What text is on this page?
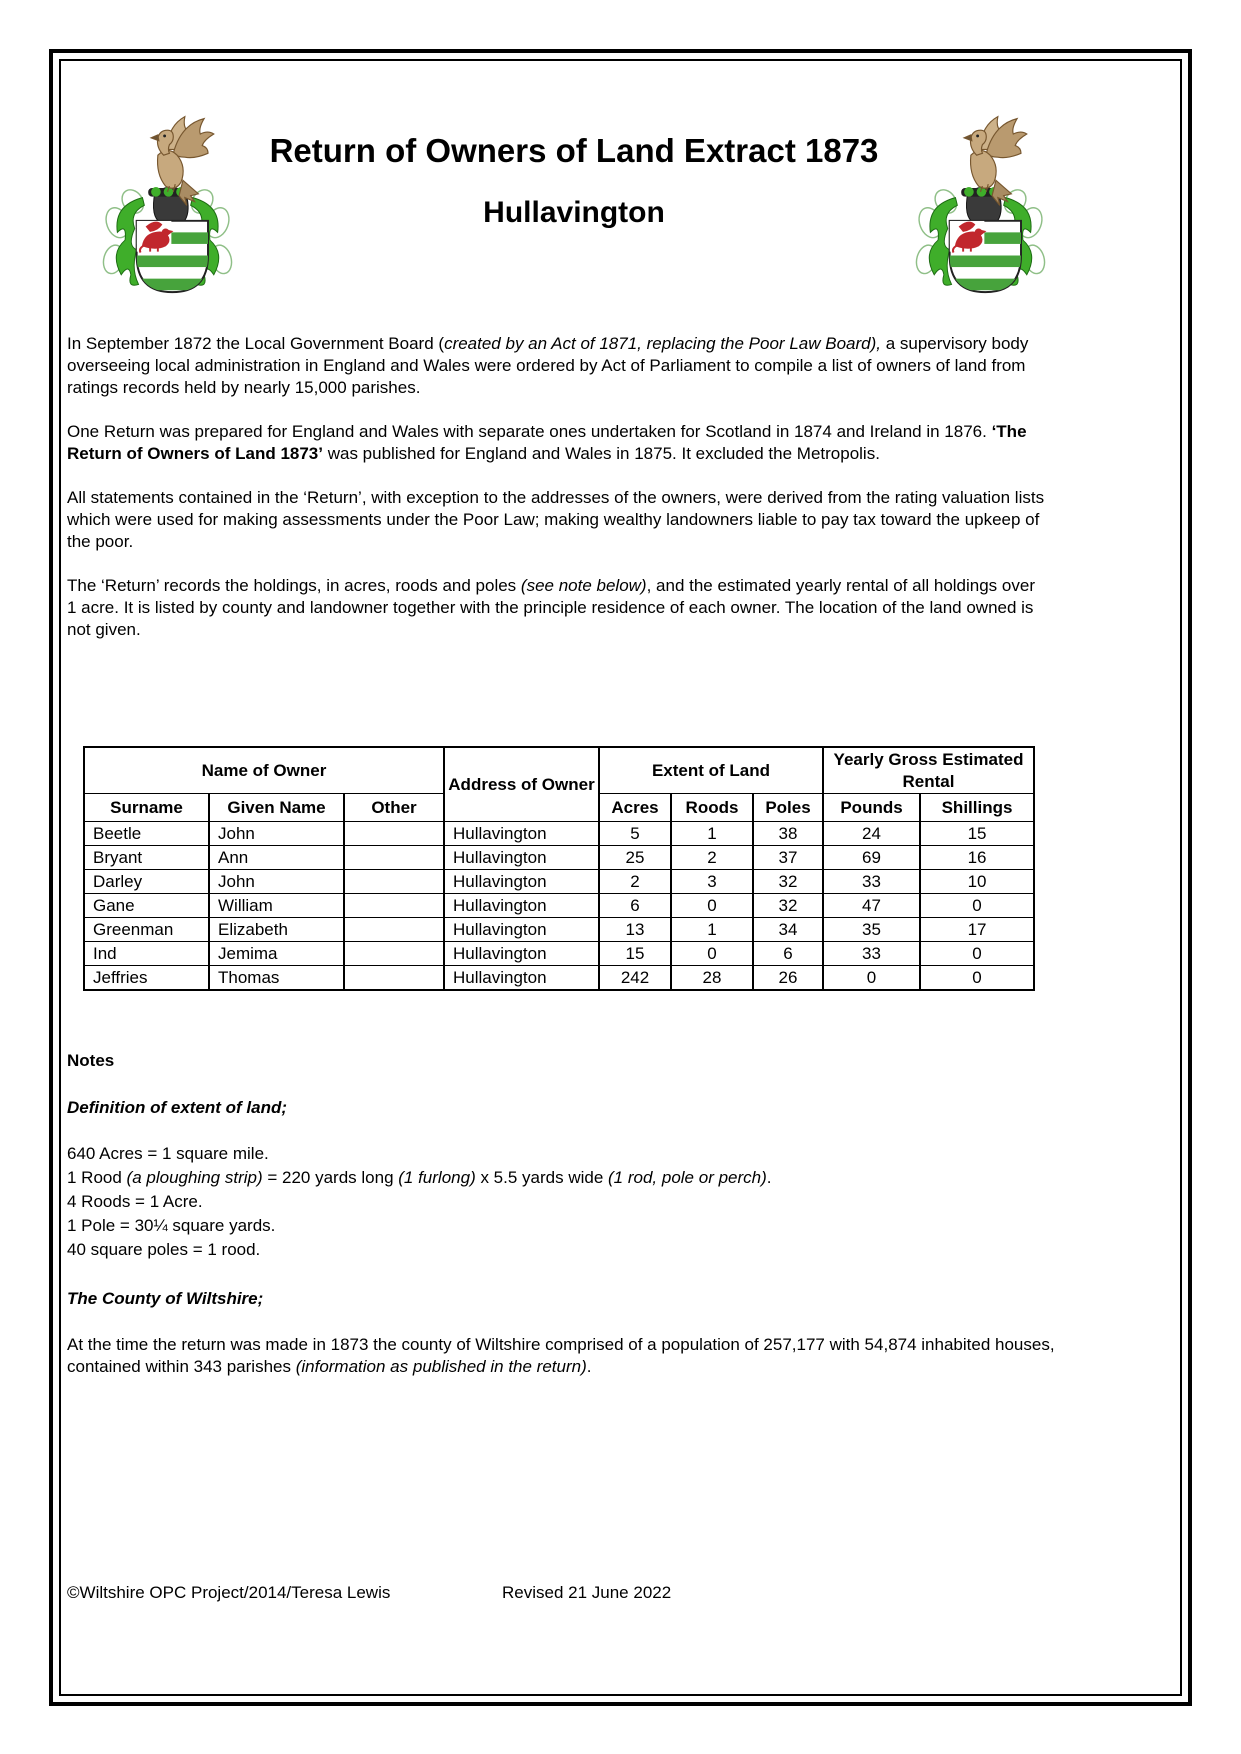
Return of Owners of Land Extract 1873
Hullavington

In September 1872 the Local Government Board (created by an Act of 1871, replacing the Poor Law Board), a supervisory body overseeing local administration in England and Wales were ordered by Act of Parliament to compile a list of owners of land from ratings records held by nearly 15,000 parishes.

One Return was prepared for England and Wales with separate ones undertaken for Scotland in 1874 and Ireland in 1876. ‘The Return of Owners of Land 1873’ was published for England and Wales in 1875. It excluded the Metropolis.

All statements contained in the ‘Return’, with exception to the addresses of the owners, were derived from the rating valuation lists which were used for making assessments under the Poor Law; making wealthy landowners liable to pay tax toward the upkeep of the poor.

The ‘Return’ records the holdings, in acres, roods and poles (see note below), and the estimated yearly rental of all holdings over 1 acre. It is listed by county and landowner together with the principle residence of each owner. The location of the land owned is not given.

Name of Owner			Address of Owner	Extent of Land			Yearly Gross Estimated Rental	
Surname	Given Name	Other		Acres	Roods	Poles	Pounds	Shillings
Beetle	John		Hullavington	5	1	38	24	15
Bryant	Ann		Hullavington	25	2	37	69	16
Darley	John		Hullavington	2	3	32	33	10
Gane	William		Hullavington	6	0	32	47	0
Greenman	Elizabeth		Hullavington	13	1	34	35	17
Ind	Jemima		Hullavington	15	0	6	33	0
Jeffries	Thomas		Hullavington	242	28	26	0	0

Notes

Definition of extent of land;

640 Acres = 1 square mile.

1 Rood (a ploughing strip) = 220 yards long (1 furlong) x 5.5 yards wide (1 rod, pole or perch).

4 Roods = 1 Acre.

1 Pole = 30¼ square yards.

40 square poles = 1 rood.

The County of Wiltshire;

At the time the return was made in 1873 the county of Wiltshire comprised of a population of 257,177 with 54,874 inhabited houses, contained within 343 parishes (information as published in the return).

©Wiltshire OPC Project/2014/Teresa Lewis	Revised 21 June 2022
